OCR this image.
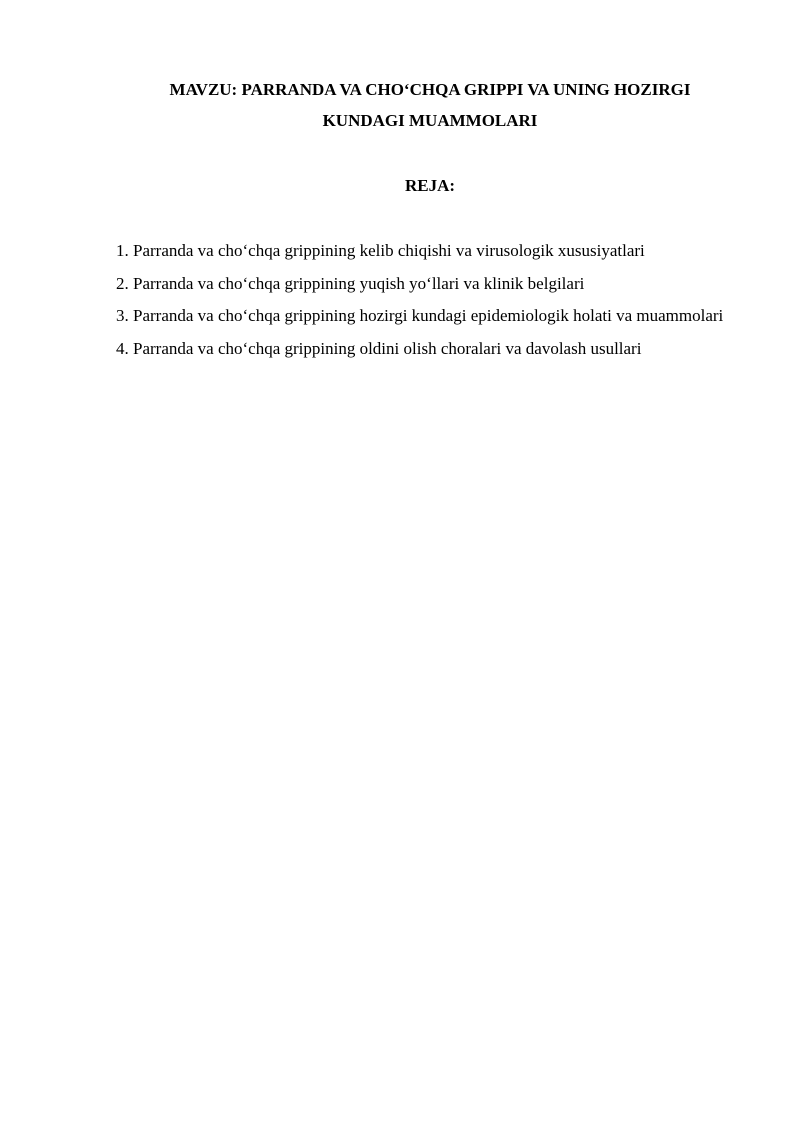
MAVZU: PARRANDA VA CHO‘CHQA GRIPPI VA UNING HOZIRGI
KUNDAGI MUAMMOLARI
REJA:
1. Parranda va cho‘chqa grippining kelib chiqishi va virusologik xususiyatlari
2. Parranda va cho‘chqa grippining yuqish yo‘llari va klinik belgilari
3. Parranda va cho‘chqa grippining hozirgi kundagi epidemiologik holati va muammolari
4. Parranda va cho‘chqa grippining oldini olish choralari va davolash usullari
